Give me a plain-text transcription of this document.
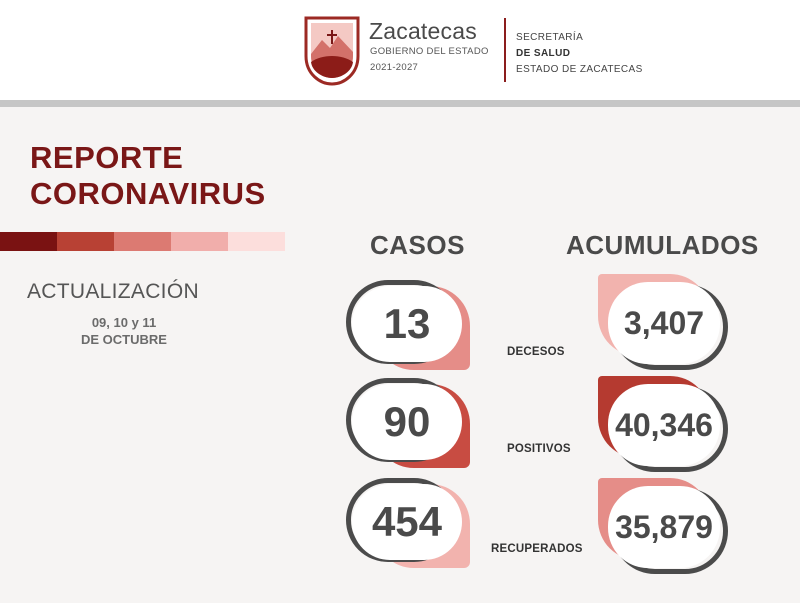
Zacatecas
GOBIERNO DEL ESTADO
2021-2027
SECRETARÍA
DE SALUD
ESTADO DE ZACATECAS
REPORTE
CORONAVIRUS
ACTUALIZACIÓN
09, 10 y 11
DE OCTUBRE
CASOS	ACUMULADOS
13
DECESOS
3,407
90
POSITIVOS
40,346
454
RECUPERADOS
35,879
